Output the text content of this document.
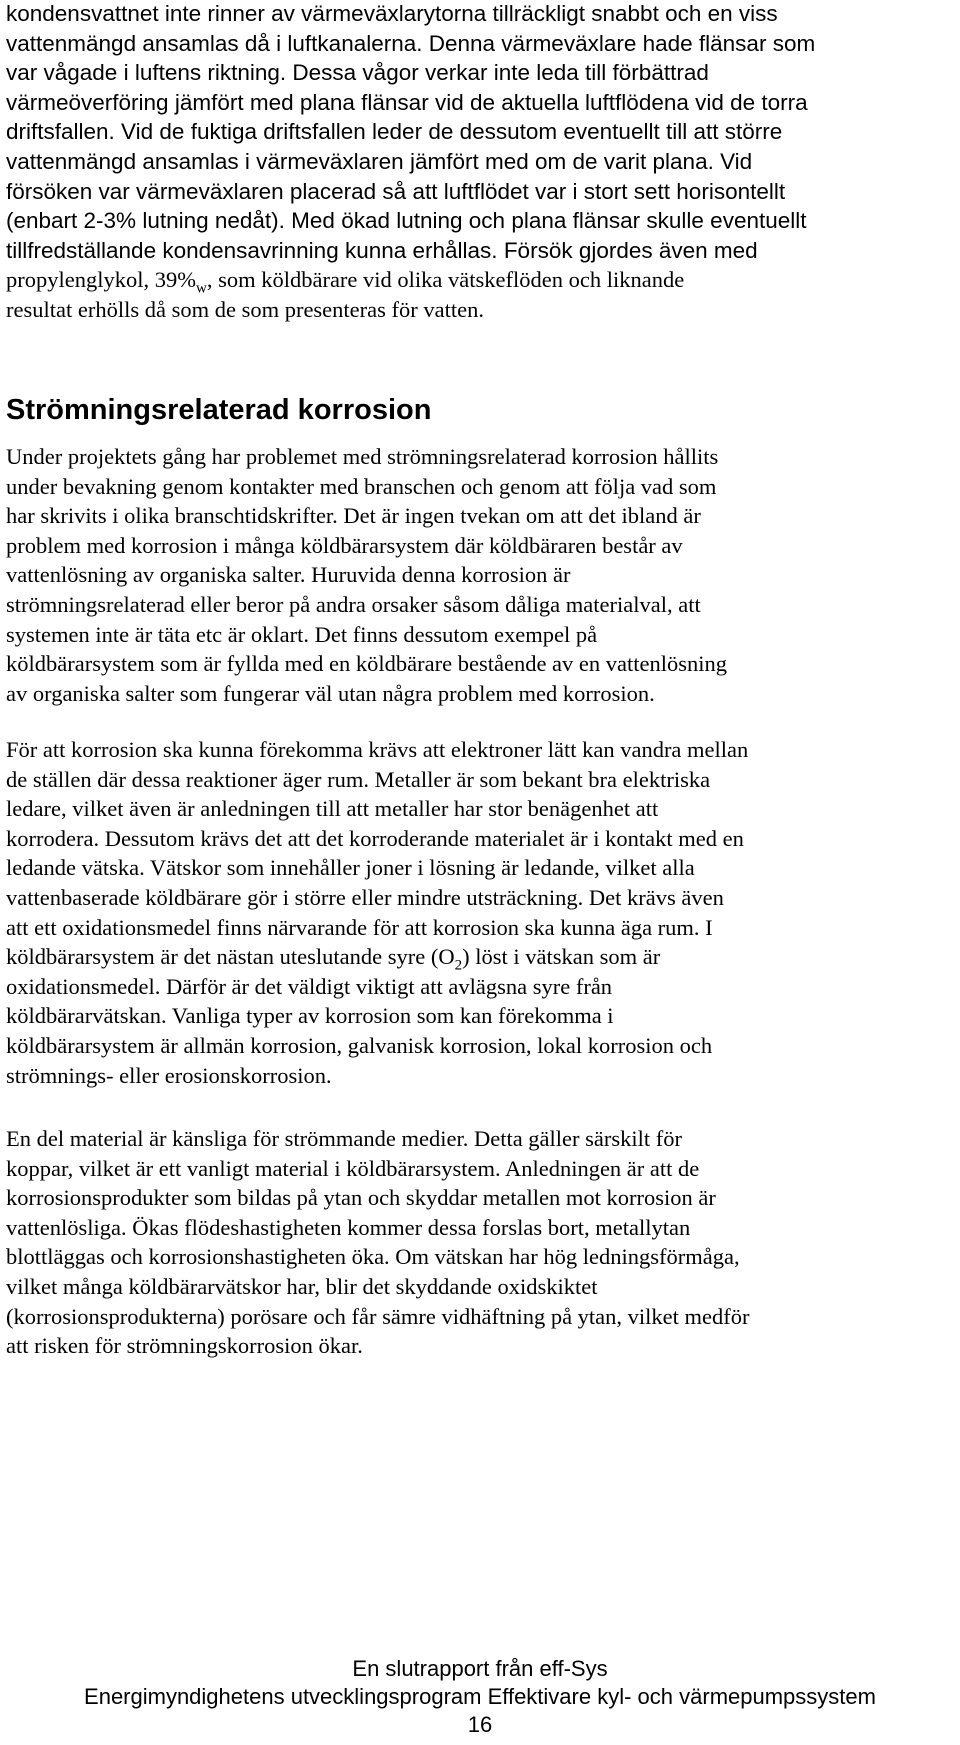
kondensvattnet inte rinner av värmeväxlarytorna tillräckligt snabbt och en viss
vattenmängd ansamlas då i luftkanalerna. Denna värmeväxlare hade flänsar som
var vågade i luftens riktning. Dessa vågor verkar inte leda till förbättrad
värmeöverföring jämfört med plana flänsar vid de aktuella luftflödena vid de torra
driftsfallen. Vid de fuktiga driftsfallen leder de dessutom eventuellt till att större
vattenmängd ansamlas i värmeväxlaren jämfört med om de varit plana. Vid
försöken var värmeväxlaren placerad så att luftflödet var i stort sett horisontellt
(enbart 2-3% lutning nedåt). Med ökad lutning och plana flänsar skulle eventuellt
tillfredställande kondensavrinning kunna erhållas. Försök gjordes även med
propylenglykol, $39\%_w$, som köldbärare vid olika vätskeflöden och liknande
resultat erhölls då som de som presenteras för vatten.
Strömningsrelaterad korrosion
Under projektets gång har problemet med strömningsrelaterad korrosion hållits
under bevakning genom kontakter med branschen och genom att följa vad som
har skrivits i olika branschtidskrifter. Det är ingen tvekan om att det ibland är
problem med korrosion i många köldbärarsystem där köldbäraren består av
vattenlösning av organiska salter. Huruvida denna korrosion är
strömningsrelaterad eller beror på andra orsaker såsom dåliga materialval, att
systemen inte är täta etc är oklart. Det finns dessutom exempel på
köldbärarsystem som är fyllda med en köldbärare bestående av en vattenlösning
av organiska salter som fungerar väl utan några problem med korrosion.
För att korrosion ska kunna förekomma krävs att elektroner lätt kan vandra mellan
de ställen där dessa reaktioner äger rum. Metaller är som bekant bra elektriska
ledare, vilket även är anledningen till att metaller har stor benägenhet att
korrodera. Dessutom krävs det att det korroderande materialet är i kontakt med en
ledande vätska. Vätskor som innehåller joner i lösning är ledande, vilket alla
vattenbaserade köldbärare gör i större eller mindre utsträckning. Det krävs även
att ett oxidationsmedel finns närvarande för att korrosion ska kunna äga rum. I
köldbärarsystem är det nästan uteslutande syre $(O_2)$ löst i vätskan som är
oxidationsmedel. Därför är det väldigt viktigt att avlägsna syre från
köldbärarvätskan. Vanliga typer av korrosion som kan förekomma i
köldbärarsystem är allmän korrosion, galvanisk korrosion, lokal korrosion och
strömnings- eller erosionskorrosion.
En del material är känsliga för strömmande medier. Detta gäller särskilt för
koppar, vilket är ett vanligt material i köldbärarsystem. Anledningen är att de
korrosionsprodukter som bildas på ytan och skyddar metallen mot korrosion är
vattenlösliga. Ökas flödeshastigheten kommer dessa forslas bort, metallytan
blottläggas och korrosionshastigheten öka. Om vätskan har hög ledningsförmåga,
vilket många köldbärarvätskor har, blir det skyddande oxidskiktet
(korrosionsprodukterna) porösare och får sämre vidhäftning på ytan, vilket medför
att risken för strömningskorrosion ökar.

En slutrapport från eff-Sys

Energimyndighetens utvecklingsprogram Effektivare kyl- och värmepumpssystem

16
